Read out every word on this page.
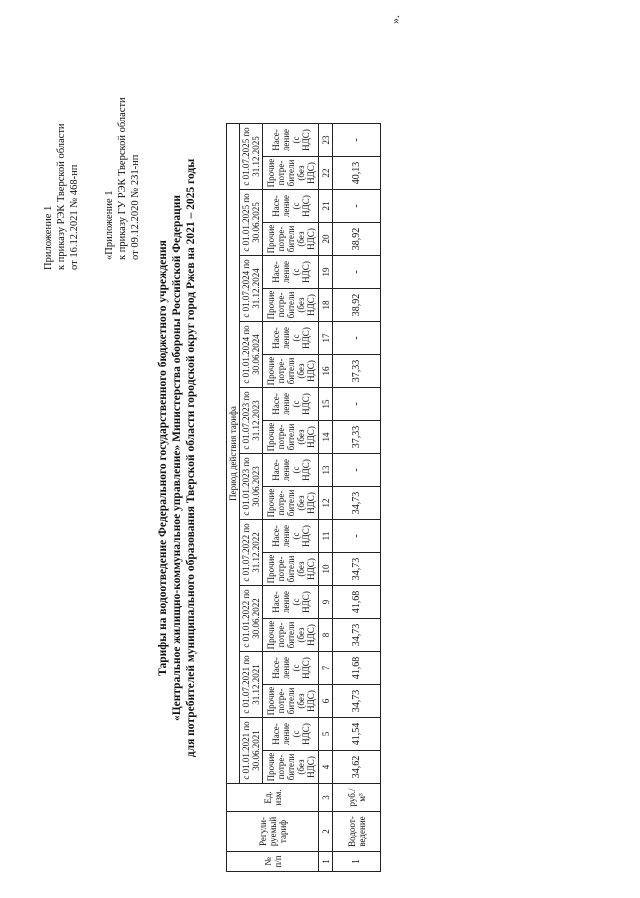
Приложение 1 к приказу РЭК Тверской области от 16.12.2021 № 468-нп «Приложение 1 к приказу ГУ РЭК Тверской области от 09.12.2020 № 231-нп
Тарифы на водоотведение Федерального государственного бюджетного учреждения «Центральное жилищно-коммунальное управление» Министерства обороны Российской Федерации для потребителей муниципального образования Тверской области городской округ город Ржев на 2021 – 2025 годы
№ п/п	Регули-руемый тариф	Ед. изм.	Период действия тарифа																			
			с 01.01.2021 по 30.06.2021		с 01.07.2021 по 31.12.2021		с 01.01.2022 по 30.06.2022		с 01.07.2022 по 31.12.2022		с 01.01.2023 по 30.06.2023		с 01.07.2023 по 31.12.2023		с 01.01.2024 по 30.06.2024		с 01.07.2024 по 31.12.2024		с 01.01.2025 по 30.06.2025		с 01.07.2025 по 31.12.2025	
			Прочие потре-бители (без НДС)	Насе-ление (с НДС)	Прочие потре-бители (без НДС)	Насе-ление (с НДС)	Прочие потре-бители (без НДС)	Насе-ление (с НДС)	Прочие потре-бители (без НДС)	Насе-ление (с НДС)	Прочие потре-бители (без НДС)	Насе-ление (с НДС)	Прочие потре-бители (без НДС)	Насе-ление (с НДС)	Прочие потре-бители (без НДС)	Насе-ление (с НДС)	Прочие потре-бители (без НДС)	Насе-ление (с НДС)	Прочие потре-бители (без НДС)	Насе-ление (с НДС)	Прочие потре-бители (без НДС)	Насе-ление (с НДС)
1	2	3	4	5	6	7	8	9	10	11	12	13	14	15	16	17	18	19	20	21	22	23
1	Водоот-ведение	руб./м³	34,62	41,54	34,73	41,68	34,73	41,68	34,73	-	34,73	-	37,33	-	37,33	-	38,92	-	38,92	-	40,13	-
».
